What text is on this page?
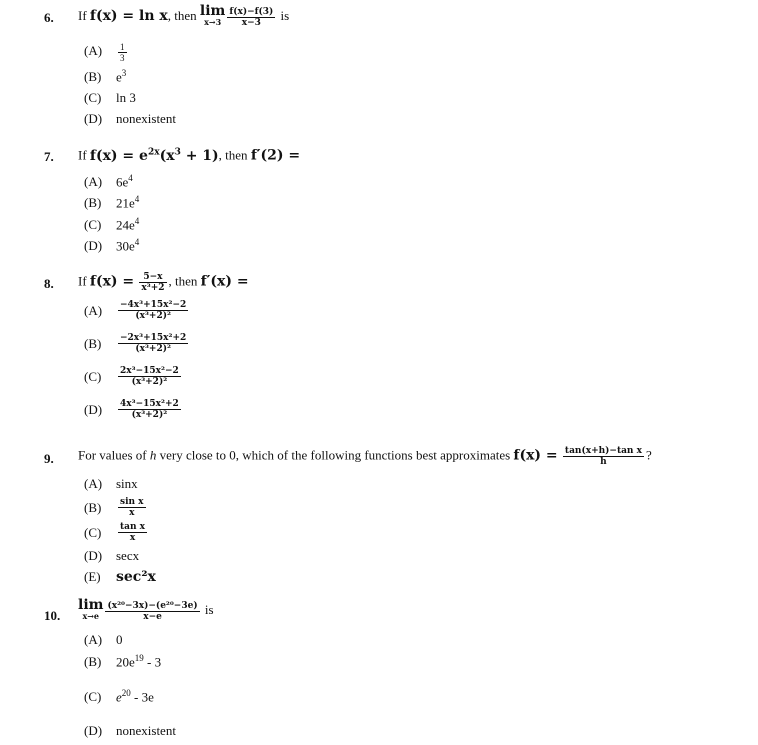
6. If f(x) = ln x, then lim
$x\to 3 \frac{f(x)-f(3)}{x-3}$ is
$(A) \frac{1}{3}$
(B) $e^3$
(C) ln 3
(D) nonexistent
7. If $f(x) = e^{2x}(x^3 + 1)$, then f′(2) =
(A) $6e^4$
(B) $21e^4$
(C) $24e^4$
(D) $30e^4$
8. If $f(x) = \frac{5-x}{\text{x³+2}}$ , then f′(x) =
$(A) \frac{\text{−4x³+15x²−2}}{\text{(x³+2)²}}$
$(B) \frac{\text{−2x³+15x²+2}}{\text{(x³+2)²}}$
$(C) \frac{\text{2x³−15x²−2}}{\text{(x³+2)²}}$
$(D) \frac{\text{4x³−15x²+2}}{\text{(x³+2)²}}$
9. For values of h very close to 0, which of the following functions best approximates $f(x) = \frac{\text{tan(x+h)−tan x}}{h}$ ?
(A) sinx
$(B) \frac{\text{sin x}}{x}$
$(C) \frac{\text{tan x}}{x}$
(D) secx
(E) sec²x
10.
lim
$x\to e \frac{\text{(x²⁰−3x)−(e²⁰−3e)}}{x-e}$ is
(A) 0
(B) $20e^{19} - 3$
(C) $e^{20} - 3e$
(D) nonexistent
